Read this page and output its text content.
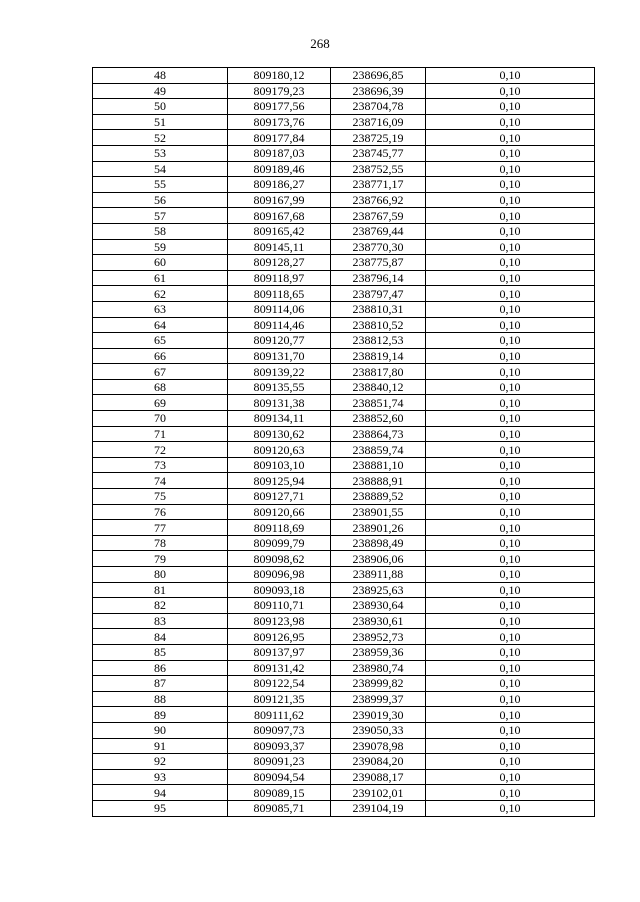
268
48	809180,12	238696,85	0,10
49	809179,23	238696,39	0,10
50	809177,56	238704,78	0,10
51	809173,76	238716,09	0,10
52	809177,84	238725,19	0,10
53	809187,03	238745,77	0,10
54	809189,46	238752,55	0,10
55	809186,27	238771,17	0,10
56	809167,99	238766,92	0,10
57	809167,68	238767,59	0,10
58	809165,42	238769,44	0,10
59	809145,11	238770,30	0,10
60	809128,27	238775,87	0,10
61	809118,97	238796,14	0,10
62	809118,65	238797,47	0,10
63	809114,06	238810,31	0,10
64	809114,46	238810,52	0,10
65	809120,77	238812,53	0,10
66	809131,70	238819,14	0,10
67	809139,22	238817,80	0,10
68	809135,55	238840,12	0,10
69	809131,38	238851,74	0,10
70	809134,11	238852,60	0,10
71	809130,62	238864,73	0,10
72	809120,63	238859,74	0,10
73	809103,10	238881,10	0,10
74	809125,94	238888,91	0,10
75	809127,71	238889,52	0,10
76	809120,66	238901,55	0,10
77	809118,69	238901,26	0,10
78	809099,79	238898,49	0,10
79	809098,62	238906,06	0,10
80	809096,98	238911,88	0,10
81	809093,18	238925,63	0,10
82	809110,71	238930,64	0,10
83	809123,98	238930,61	0,10
84	809126,95	238952,73	0,10
85	809137,97	238959,36	0,10
86	809131,42	238980,74	0,10
87	809122,54	238999,82	0,10
88	809121,35	238999,37	0,10
89	809111,62	239019,30	0,10
90	809097,73	239050,33	0,10
91	809093,37	239078,98	0,10
92	809091,23	239084,20	0,10
93	809094,54	239088,17	0,10
94	809089,15	239102,01	0,10
95	809085,71	239104,19	0,10
